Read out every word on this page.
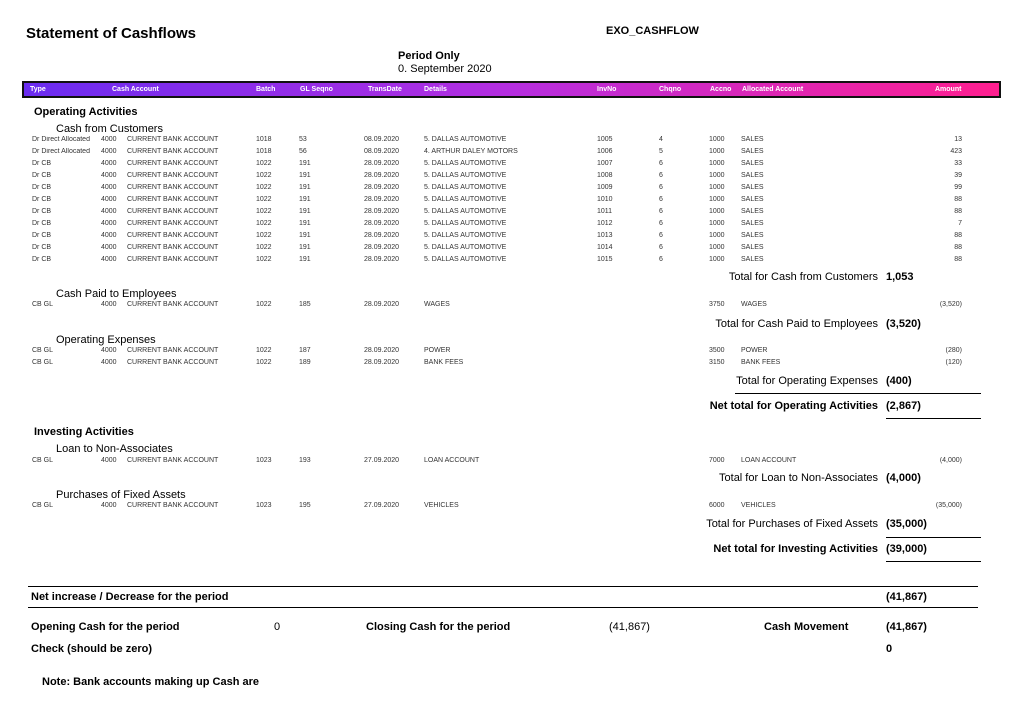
Statement of Cashflows	EXO_CASHFLOW
Period Only
0. September 2020
Type	Cash Account	Batch	GL Seqno	TransDate	Details	InvNo	Chqno	Accno Allocated Account	Amount
Operating Activities
Cash from Customers
Dr Direct Allocated	4000	CURRENT BANK ACCOUNT	1018	53	08.09.2020	5. DALLAS AUTOMOTIVE	1005	4	1000	SALES	13
Dr Direct Allocated	4000	CURRENT BANK ACCOUNT	1018	56	08.09.2020	4. ARTHUR DALEY MOTORS	1006	5	1000	SALES	423
Dr CB	4000	CURRENT BANK ACCOUNT	1022	191	28.09.2020	5. DALLAS AUTOMOTIVE	1007	6	1000	SALES	33
Dr CB	4000	CURRENT BANK ACCOUNT	1022	191	28.09.2020	5. DALLAS AUTOMOTIVE	1008	6	1000	SALES	39
Dr CB	4000	CURRENT BANK ACCOUNT	1022	191	28.09.2020	5. DALLAS AUTOMOTIVE	1009	6	1000	SALES	99
Dr CB	4000	CURRENT BANK ACCOUNT	1022	191	28.09.2020	5. DALLAS AUTOMOTIVE	1010	6	1000	SALES	88
Dr CB	4000	CURRENT BANK ACCOUNT	1022	191	28.09.2020	5. DALLAS AUTOMOTIVE	1011	6	1000	SALES	88
Dr CB	4000	CURRENT BANK ACCOUNT	1022	191	28.09.2020	5. DALLAS AUTOMOTIVE	1012	6	1000	SALES	7
Dr CB	4000	CURRENT BANK ACCOUNT	1022	191	28.09.2020	5. DALLAS AUTOMOTIVE	1013	6	1000	SALES	88
Dr CB	4000	CURRENT BANK ACCOUNT	1022	191	28.09.2020	5. DALLAS AUTOMOTIVE	1014	6	1000	SALES	88
Dr CB	4000	CURRENT BANK ACCOUNT	1022	191	28.09.2020	5. DALLAS AUTOMOTIVE	1015	6	1000	SALES	88
Total for Cash from Customers 1,053
Cash Paid to Employees
CB GL	4000	CURRENT BANK ACCOUNT	1022	185	28.09.2020	WAGES	3750	WAGES	(3,520)
Total for Cash Paid to Employees (3,520)
Operating Expenses
CB GL	4000	CURRENT BANK ACCOUNT	1022	187	28.09.2020	POWER	3500	POWER	(280)
CB GL	4000	CURRENT BANK ACCOUNT	1022	189	28.09.2020	BANK FEES	3150	BANK FEES	(120)
Total for Operating Expenses (400)
Net total for Operating Activities (2,867)
Investing Activities
Loan to Non-Associates
CB GL	4000	CURRENT BANK ACCOUNT	1023	193	27.09.2020	LOAN ACCOUNT	7000	LOAN ACCOUNT	(4,000)
Total for Loan to Non-Associates (4,000)
Purchases of Fixed Assets
CB GL	4000	CURRENT BANK ACCOUNT	1023	195	27.09.2020	VEHICLES	6000	VEHICLES	(35,000)
Total for Purchases of Fixed Assets (35,000)
Net total for Investing Activities (39,000)
Net increase / Decrease for the period	(41,867)
Opening Cash for the period	0	Closing Cash for the period	(41,867)	Cash Movement	(41,867)
Check (should be zero)	0
Note: Bank accounts making up Cash are
